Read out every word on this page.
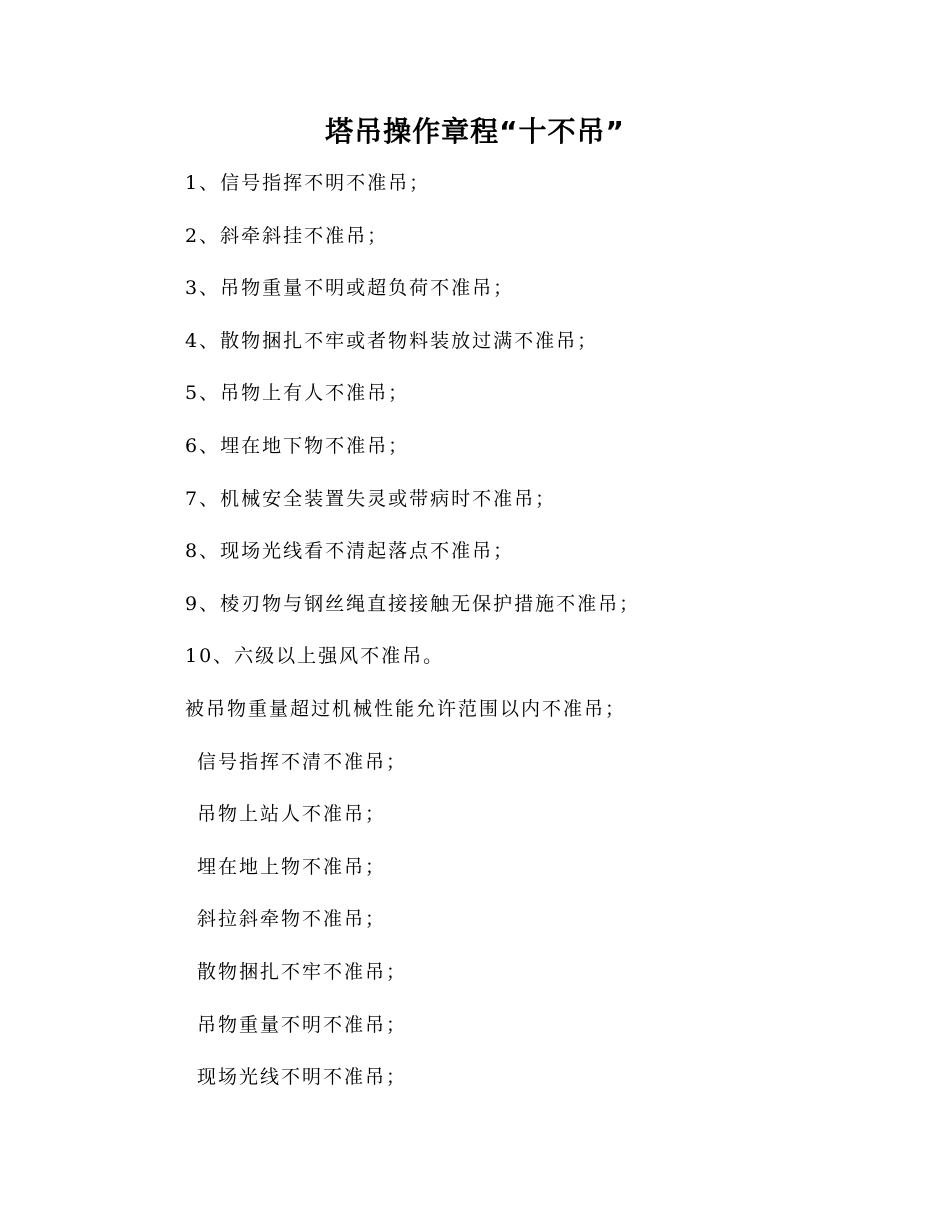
塔吊操作章程“十不吊”
1、信号指挥不明不准吊；
2、斜牵斜挂不准吊；
3、吊物重量不明或超负荷不准吊；
4、散物捆扎不牢或者物料装放过满不准吊；
5、吊物上有人不准吊；
6、埋在地下物不准吊；
7、机械安全装置失灵或带病时不准吊；
8、现场光线看不清起落点不准吊；
9、棱刃物与钢丝绳直接接触无保护措施不准吊；
10、六级以上强风不准吊。
被吊物重量超过机械性能允许范围以内不准吊；
信号指挥不清不准吊；
吊物上站人不准吊；
埋在地上物不准吊；
斜拉斜牵物不准吊；
散物捆扎不牢不准吊；
吊物重量不明不准吊；
现场光线不明不准吊；
